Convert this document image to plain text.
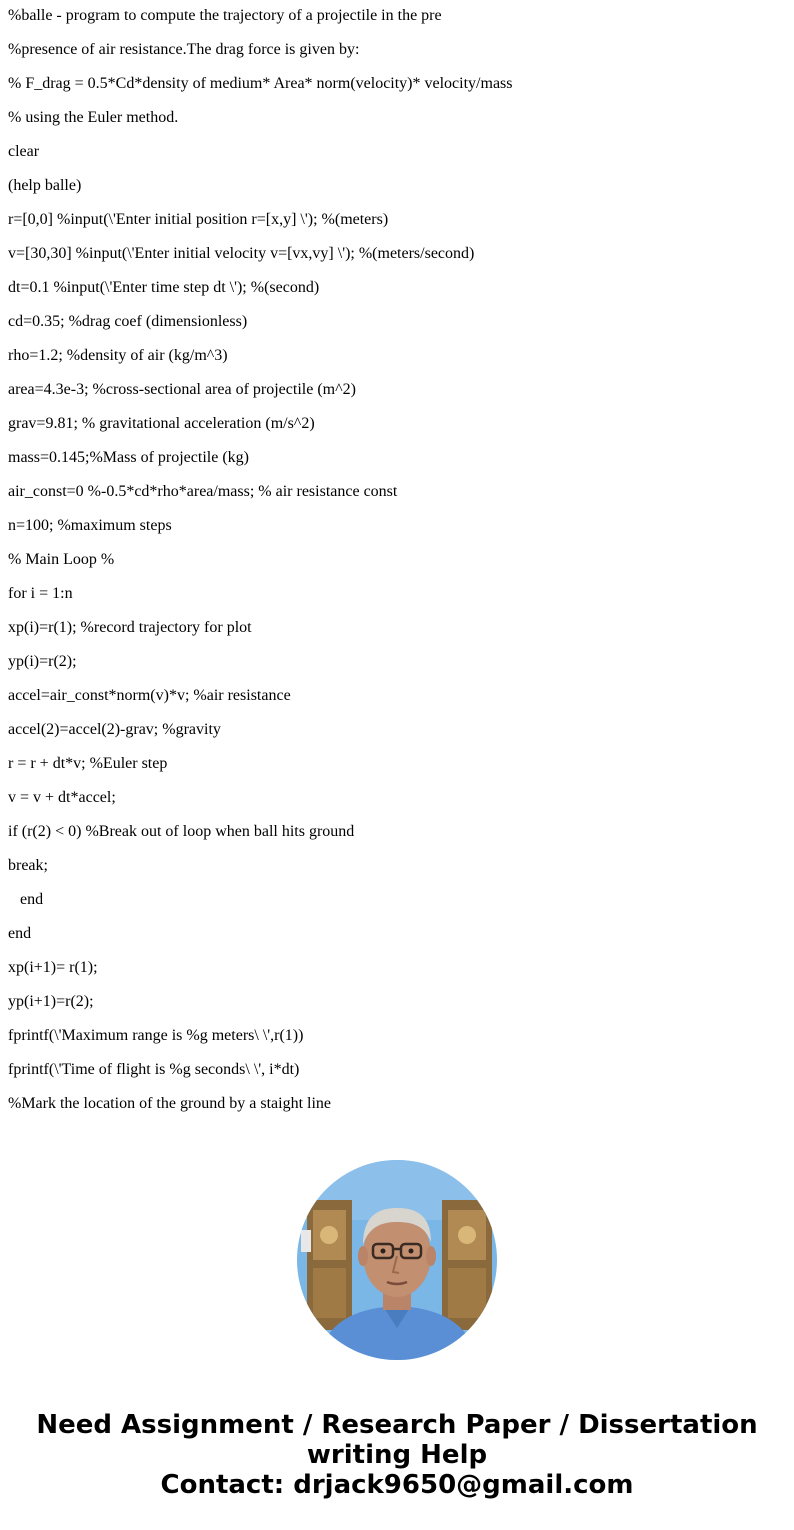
%balle - program to compute the trajectory of a projectile in the pre
%presence of air resistance.The drag force is given by:
% F_drag = 0.5*Cd*density of medium* Area* norm(velocity)* velocity/mass
% using the Euler method.
clear
(help balle)
r=[0,0] %input(\'Enter initial position r=[x,y] \'); %(meters)
v=[30,30] %input(\'Enter initial velocity v=[vx,vy] \'); %(meters/second)
dt=0.1 %input(\'Enter time step dt \'); %(second)
cd=0.35; %drag coef (dimensionless)
rho=1.2; %density of air (kg/m^3)
area=4.3e-3; %cross-sectional area of projectile (m^2)
grav=9.81; % gravitational acceleration (m/s^2)
mass=0.145;%Mass of projectile (kg)
air_const=0 %-0.5*cd*rho*area/mass; % air resistance const
n=100; %maximum steps
% Main Loop %
for i = 1:n
xp(i)=r(1); %record trajectory for plot
yp(i)=r(2);
accel=air_const*norm(v)*v; %air resistance
accel(2)=accel(2)-grav; %gravity
r = r + dt*v; %Euler step
v = v + dt*accel;
if (r(2) < 0) %Break out of loop when ball hits ground
break;
end
end
xp(i+1)= r(1);
yp(i+1)=r(2);
fprintf(\'Maximum range is %g meters\ \',r(1))
fprintf(\'Time of flight is %g seconds\ \', i*dt)
%Mark the location of the ground by a staight line
Need Assignment / Research Paper / Dissertation
writing Help
Contact: drjack9650@gmail.com
